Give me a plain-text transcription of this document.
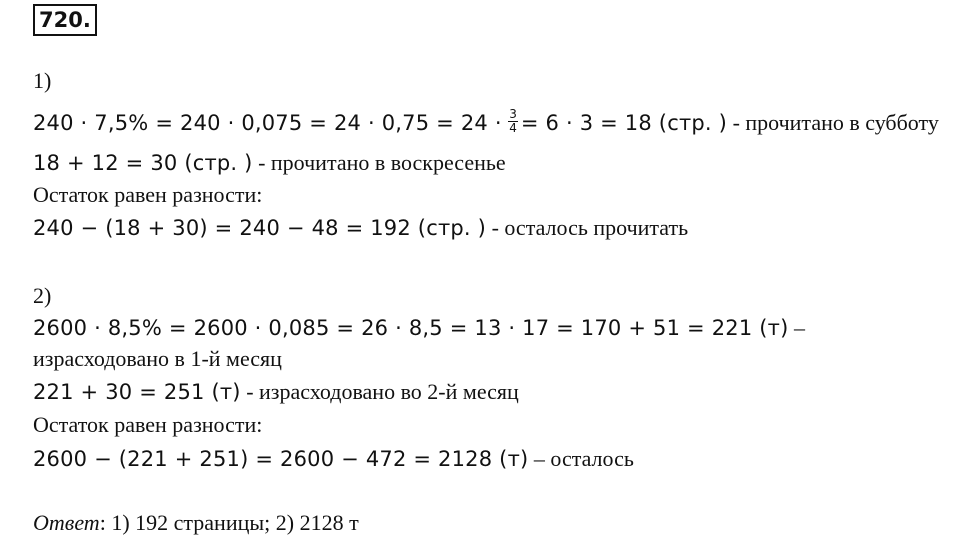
720.
1)
$240 \cdot 7,5\% = 240 \cdot 0,075 = 24 \cdot 0,75 = 24 \cdot \frac{3}{4} = 6 \cdot 3 = 18$ (стр. ) - прочитано в субботу
18 + 12 = 30 (стр. ) - прочитано в воскресенье
Остаток равен разности:
240 − (18 + 30) = 240 − 48 = 192 (стр. ) - осталось прочитать
2)
2600 · 8,5% = 2600 · 0,085 = 26 · 8,5 = 13 · 17 = 170 + 51 = 221 (т) –
израсходовано в 1-й месяц
221 + 30 = 251 (т) - израсходовано во 2-й месяц
Остаток равен разности:
2600 − (221 + 251) = 2600 − 472 = 2128 (т) – осталось
Ответ: 1) 192 страницы; 2) 2128 т
